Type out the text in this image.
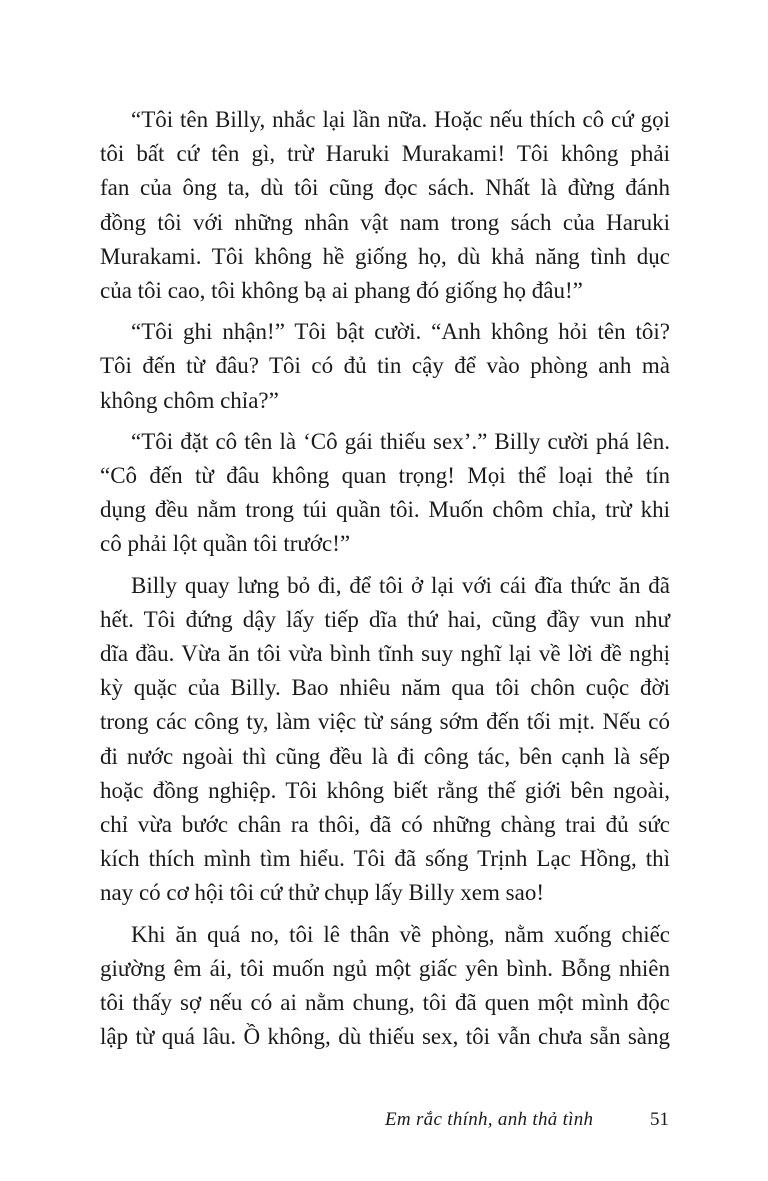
“Tôi tên Billy, nhắc lại lần nữa. Hoặc nếu thích cô cứ gọi
tôi bất cứ tên gì, trừ Haruki Murakami! Tôi không phải
fan của ông ta, dù tôi cũng đọc sách. Nhất là đừng đánh
đồng tôi với những nhân vật nam trong sách của Haruki
Murakami. Tôi không hề giống họ, dù khả năng tình dục
của tôi cao, tôi không bạ ai phang đó giống họ đâu!”

“Tôi ghi nhận!” Tôi bật cười. “Anh không hỏi tên tôi?
Tôi đến từ đâu? Tôi có đủ tin cậy để vào phòng anh mà
không chôm chỉa?”

“Tôi đặt cô tên là ‘Cô gái thiếu sex’.” Billy cười phá lên.
“Cô đến từ đâu không quan trọng! Mọi thể loại thẻ tín
dụng đều nằm trong túi quần tôi. Muốn chôm chỉa, trừ khi
cô phải lột quần tôi trước!”

Billy quay lưng bỏ đi, để tôi ở lại với cái đĩa thức ăn đã
hết. Tôi đứng dậy lấy tiếp dĩa thứ hai, cũng đầy vun như
dĩa đầu. Vừa ăn tôi vừa bình tĩnh suy nghĩ lại về lời đề nghị
kỳ quặc của Billy. Bao nhiêu năm qua tôi chôn cuộc đời
trong các công ty, làm việc từ sáng sớm đến tối mịt. Nếu có
đi nước ngoài thì cũng đều là đi công tác, bên cạnh là sếp
hoặc đồng nghiệp. Tôi không biết rằng thế giới bên ngoài,
chỉ vừa bước chân ra thôi, đã có những chàng trai đủ sức
kích thích mình tìm hiểu. Tôi đã sống Trịnh Lạc Hồng, thì
nay có cơ hội tôi cứ thử chụp lấy Billy xem sao!

Khi ăn quá no, tôi lê thân về phòng, nằm xuống chiếc
giường êm ái, tôi muốn ngủ một giấc yên bình. Bỗng nhiên
tôi thấy sợ nếu có ai nằm chung, tôi đã quen một mình độc
lập từ quá lâu. Ồ không, dù thiếu sex, tôi vẫn chưa sẵn sàng

Em rắc thính, anh thả tình	51
